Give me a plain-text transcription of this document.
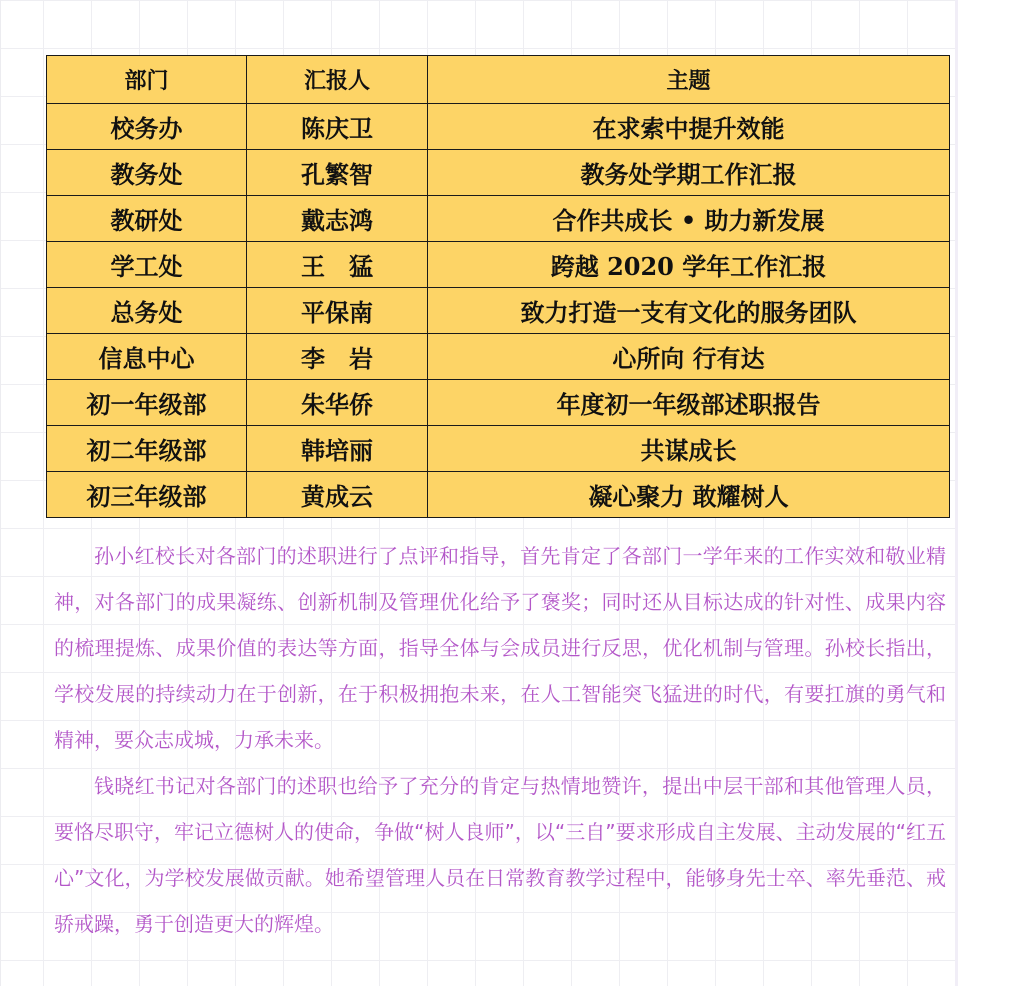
部门	汇报人	主题
校务办	陈庆卫	在求索中提升效能
教务处	孔繁智	教务处学期工作汇报
教研处	戴志鸿	合作共成长 • 助力新发展
学工处	王　猛	跨越 2020 学年工作汇报
总务处	平保南	致力打造一支有文化的服务团队
信息中心	李　岩	心所向 行有达
初一年级部	朱华侨	年度初一年级部述职报告
初二年级部	韩培丽	共谋成长
初三年级部	黄成云	凝心聚力 敢耀树人

孙小红校长对各部门的述职进行了点评和指导，首先肯定了各部门一学年来的工作实效和敬业精神，对各部门的成果凝练、创新机制及管理优化给予了褒奖；同时还从目标达成的针对性、成果内容的梳理提炼、成果价值的表达等方面，指导全体与会成员进行反思，优化机制与管理。孙校长指出，学校发展的持续动力在于创新，在于积极拥抱未来，在人工智能突飞猛进的时代，有要扛旗的勇气和精神，要众志成城，力承未来。

钱晓红书记对各部门的述职也给予了充分的肯定与热情地赞许，提出中层干部和其他管理人员，要恪尽职守，牢记立德树人的使命，争做“树人良师”，以“三自”要求形成自主发展、主动发展的“红五心”文化，为学校发展做贡献。她希望管理人员在日常教育教学过程中，能够身先士卒、率先垂范、戒骄戒躁，勇于创造更大的辉煌。
